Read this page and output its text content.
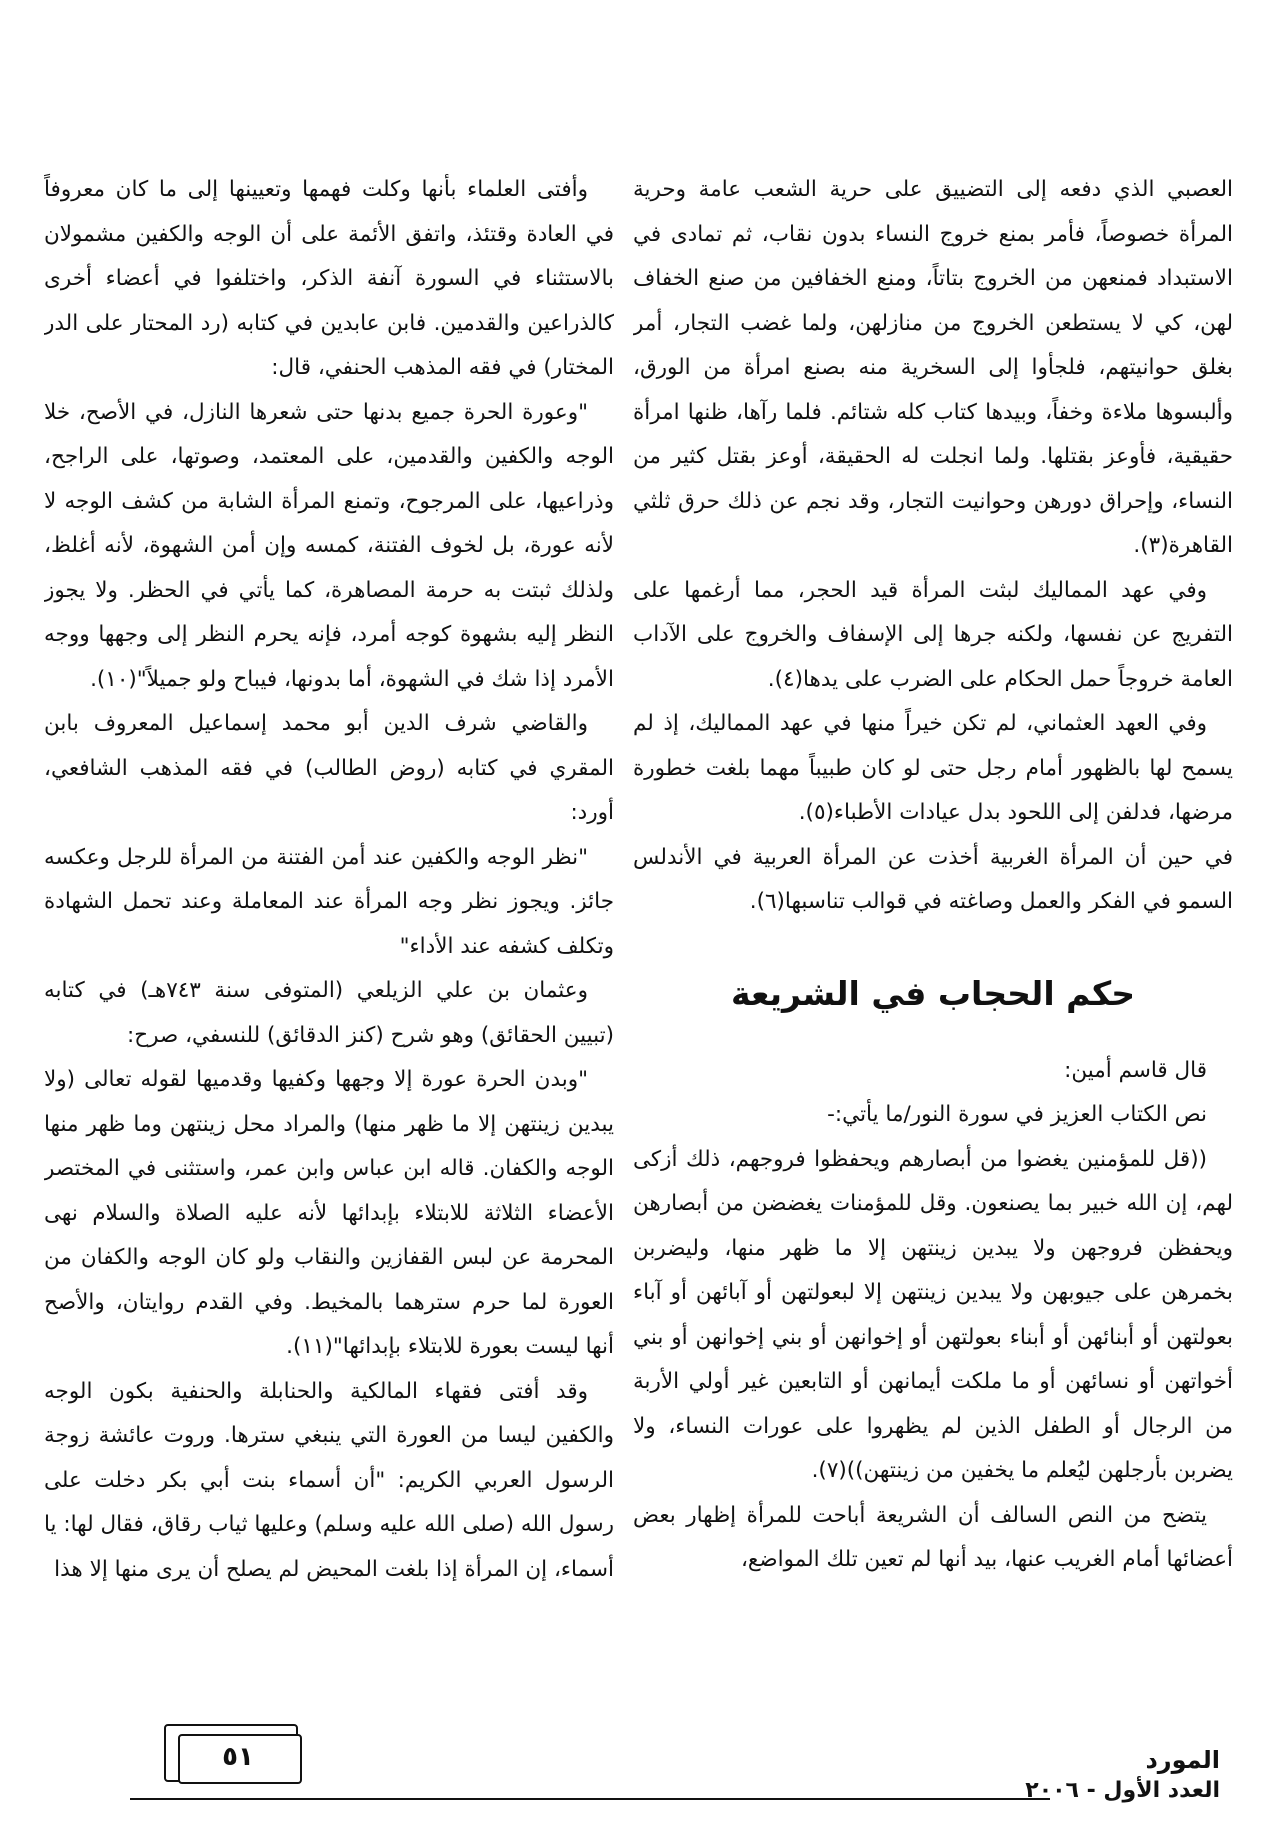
العصبي الذي دفعه إلى التضييق على حرية الشعب عامة وحرية المرأة خصوصاً، فأمر بمنع خروج النساء بدون نقاب، ثم تمادى في الاستبداد فمنعهن من الخروج بتاتاً، ومنع الخفافين من صنع الخفاف لهن، كي لا يستطعن الخروج من منازلهن، ولما غضب التجار، أمر بغلق حوانيتهم، فلجأوا إلى السخرية منه بصنع امرأة من الورق، وألبسوها ملاءة وخفاً، وبيدها كتاب كله شتائم. فلما رآها، ظنها امرأة حقيقية، فأوعز بقتلها. ولما انجلت له الحقيقة، أوعز بقتل كثير من النساء، وإحراق دورهن وحوانيت التجار، وقد نجم عن ذلك حرق ثلثي القاهرة(٣).

وفي عهد المماليك لبثت المرأة قيد الحجر، مما أرغمها على التفريج عن نفسها، ولكنه جرها إلى الإسفاف والخروج على الآداب العامة خروجاً حمل الحكام على الضرب على يدها(٤).

وفي العهد العثماني، لم تكن خيراً منها في عهد المماليك، إذ لم يسمح لها بالظهور أمام رجل حتى لو كان طبيباً مهما بلغت خطورة مرضها، فدلفن إلى اللحود بدل عيادات الأطباء(٥).

في حين أن المرأة الغربية أخذت عن المرأة العربية في الأندلس السمو في الفكر والعمل وصاغته في قوالب تناسبها(٦).

حكم الحجاب في الشريعة

قال قاسم أمين:

نص الكتاب العزيز في سورة النور/ما يأتي:-

((قل للمؤمنين يغضوا من أبصارهم ويحفظوا فروجهم، ذلك أزكى لهم، إن الله خبير بما يصنعون. وقل للمؤمنات يغضضن من أبصارهن ويحفظن فروجهن ولا يبدين زينتهن إلا ما ظهر منها، وليضربن بخمرهن على جيوبهن ولا يبدين زينتهن إلا لبعولتهن أو آبائهن أو آباء بعولتهن أو أبنائهن أو أبناء بعولتهن أو إخوانهن أو بني إخوانهن أو بني أخواتهن أو نسائهن أو ما ملكت أيمانهن أو التابعين غير أولي الأربة من الرجال أو الطفل الذين لم يظهروا على عورات النساء، ولا يضربن بأرجلهن ليُعلم ما يخفين من زينتهن))(٧).

يتضح من النص السالف أن الشريعة أباحت للمرأة إظهار بعض أعضائها أمام الغريب عنها، بيد أنها لم تعين تلك المواضع،

وأفتى العلماء بأنها وكلت فهمها وتعيينها إلى ما كان معروفاً في العادة وقتئذ، واتفق الأئمة على أن الوجه والكفين مشمولان بالاستثناء في السورة آنفة الذكر، واختلفوا في أعضاء أخرى كالذراعين والقدمين. فابن عابدين في كتابه (رد المحتار على الدر المختار) في فقه المذهب الحنفي، قال:

"وعورة الحرة جميع بدنها حتى شعرها النازل، في الأصح، خلا الوجه والكفين والقدمين، على المعتمد، وصوتها، على الراجح، وذراعيها، على المرجوح، وتمنع المرأة الشابة من كشف الوجه لا لأنه عورة، بل لخوف الفتنة، كمسه وإن أمن الشهوة، لأنه أغلظ، ولذلك ثبتت به حرمة المصاهرة، كما يأتي في الحظر. ولا يجوز النظر إليه بشهوة كوجه أمرد، فإنه يحرم النظر إلى وجهها ووجه الأمرد إذا شك في الشهوة، أما بدونها، فيباح ولو جميلاً"(١٠).

والقاضي شرف الدين أبو محمد إسماعيل المعروف بابن المقري في كتابه (روض الطالب) في فقه المذهب الشافعي، أورد:

"نظر الوجه والكفين عند أمن الفتنة من المرأة للرجل وعكسه جائز. ويجوز نظر وجه المرأة عند المعاملة وعند تحمل الشهادة وتكلف كشفه عند الأداء"

وعثمان بن علي الزيلعي (المتوفى سنة ٧٤٣هـ) في كتابه (تبيين الحقائق) وهو شرح (كنز الدقائق) للنسفي، صرح:

"وبدن الحرة عورة إلا وجهها وكفيها وقدميها لقوله تعالى (ولا يبدين زينتهن إلا ما ظهر منها) والمراد محل زينتهن وما ظهر منها الوجه والكفان. قاله ابن عباس وابن عمر، واستثنى في المختصر الأعضاء الثلاثة للابتلاء بإبدائها لأنه عليه الصلاة والسلام نهى المحرمة عن لبس القفازين والنقاب ولو كان الوجه والكفان من العورة لما حرم سترهما بالمخيط. وفي القدم روايتان، والأصح أنها ليست بعورة للابتلاء بإبدائها"(١١).

وقد أفتى فقهاء المالكية والحنابلة والحنفية بكون الوجه والكفين ليسا من العورة التي ينبغي سترها. وروت عائشة زوجة الرسول العربي الكريم: "أن أسماء بنت أبي بكر دخلت على رسول الله (صلى الله عليه وسلم) وعليها ثياب رقاق، فقال لها: يا أسماء، إن المرأة إذا بلغت المحيض لم يصلح أن يرى منها إلا هذا

٥١	المورد
العدد الأول - ٢٠٠٦
